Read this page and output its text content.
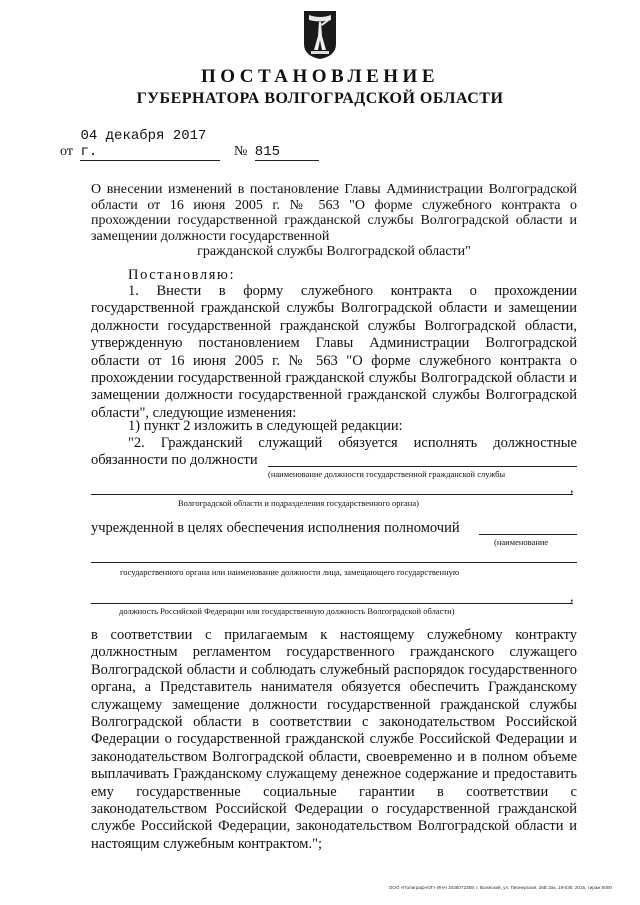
ПОСТАНОВЛЕНИЕ
ГУБЕРНАТОРА ВОЛГОГРАДСКОЙ ОБЛАСТИ
от 04 декабря 2017 г.	№ 815
О внесении изменений в постановление Главы Администрации Волгоградской области от 16 июня 2005 г. № 563 "О форме служебного контракта о прохождении государственной гражданской службы Волгоградской области и замещении должности государственной
гражданской службы Волгоградской области"
Постановляю:
1. Внести в форму служебного контракта о прохождении государственной гражданской службы Волгоградской области и замещении должности государственной гражданской службы Волгоградской области, утвержденную постановлением Главы Администрации Волгоградской области от 16 июня 2005 г. № 563 "О форме служебного контракта о прохождении государственной гражданской службы Волгоградской области и замещении должности государственной гражданской службы Волгоградской области", следующие изменения:
1) пункт 2 изложить в следующей редакции:
"2. Гражданский служащий обязуется исполнять должностные
обязанности по должности
(наименование должности государственной гражданской службы
,
Волгоградской области и подразделения государственного органа)
учрежденной в целях обеспечения исполнения полномочий
(наименование
государственного органа или наименование должности лица, замещающего государственную
,
должность Российской Федерации или государственную должность Волгоградской области)
в соответствии с прилагаемым к настоящему служебному контракту должностным регламентом государственного гражданского служащего Волгоградской области и соблюдать служебный распорядок государственного органа, а Представитель нанимателя обязуется обеспечить Гражданскому служащему замещение должности государственной гражданской службы Волгоградской области в соответствии с законодательством Российской Федерации о государственной гражданской службе Российской Федерации и законодательством Волгоградской области, своевременно и в полном объеме выплачивать Гражданскому служащему денежное содержание и предоставить ему государственные социальные гарантии в соответствии с законодательством Российской Федерации о государственной гражданской службе Российской Федерации, законодательством Волгоградской области и настоящим служебным контрактом.";
ООО «Полиграф-ЮГ» ИНН 3435072359; г. Волжский, ул. Пионерская, 26В Зак. 19-035, 2015, тираж 5000
